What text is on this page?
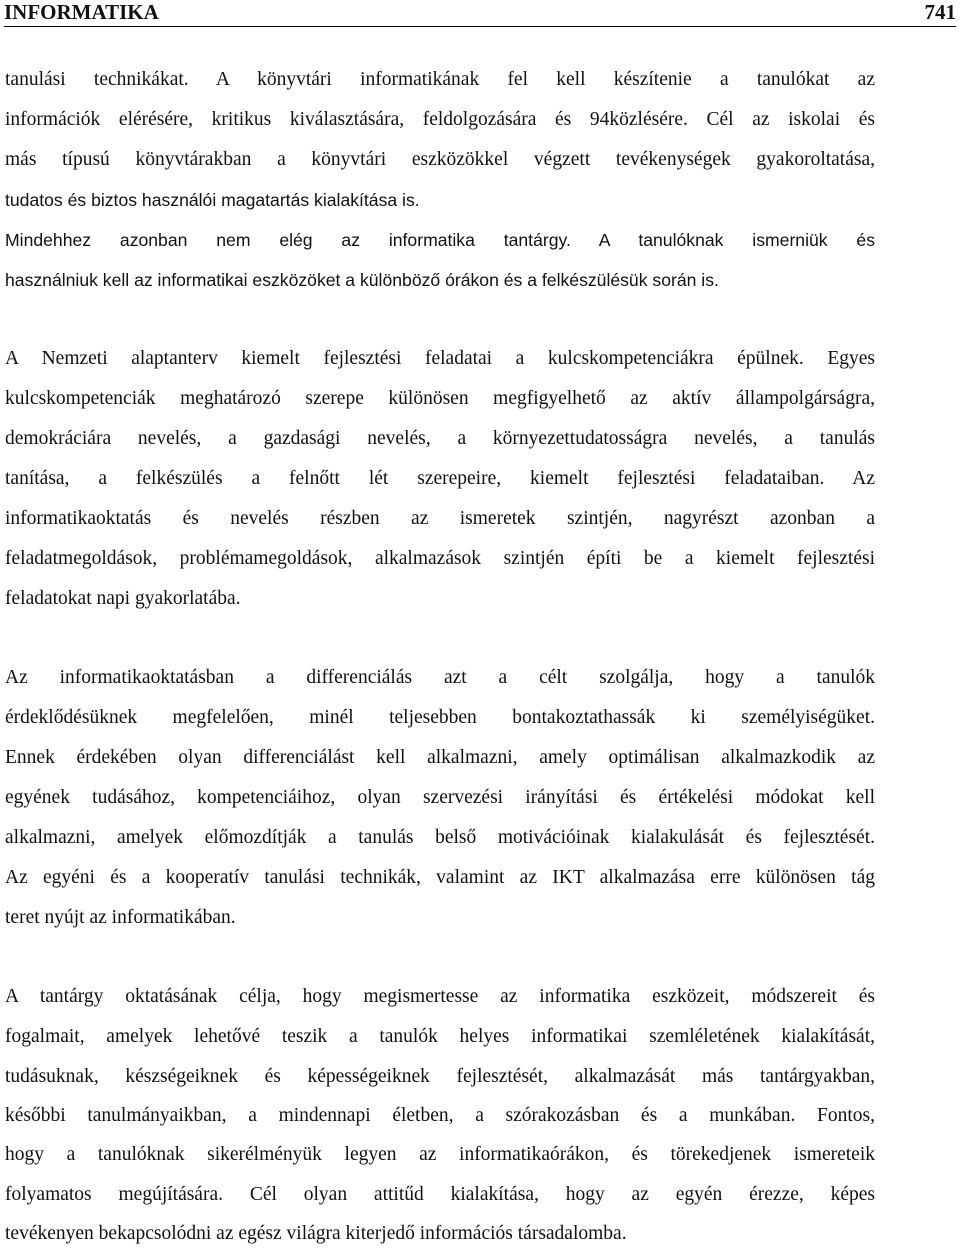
INFORMATIKA	741
tanulási technikákat. A könyvtári informatikának fel kell készítenie a tanulókat az
információk elérésére, kritikus kiválasztására, feldolgozására és 94közlésére. Cél az iskolai és
más típusú könyvtárakban a könyvtári eszközökkel végzett tevékenységek gyakoroltatása,
tudatos és biztos használói magatartás kialakítása is.
Mindehhez azonban nem elég az informatika tantárgy. A tanulóknak ismerniük és
használniuk kell az informatikai eszközöket a különböző órákon és a felkészülésük során is.
A Nemzeti alaptanterv kiemelt fejlesztési feladatai a kulcskompetenciákra épülnek. Egyes
kulcskompetenciák meghatározó szerepe különösen megfigyelhető az aktív állampolgárságra,
demokráciára nevelés, a gazdasági nevelés, a környezettudatosságra nevelés, a tanulás
tanítása, a felkészülés a felnőtt lét szerepeire, kiemelt fejlesztési feladataiban. Az
informatikaoktatás és nevelés részben az ismeretek szintjén, nagyrészt azonban a
feladatmegoldások, problémamegoldások, alkalmazások szintjén építi be a kiemelt fejlesztési
feladatokat napi gyakorlatába.
Az informatikaoktatásban a differenciálás azt a célt szolgálja, hogy a tanulók
érdeklődésüknek megfelelően, minél teljesebben bontakoztathassák ki személyiségüket.
Ennek érdekében olyan differenciálást kell alkalmazni, amely optimálisan alkalmazkodik az
egyének tudásához, kompetenciáihoz, olyan szervezési irányítási és értékelési módokat kell
alkalmazni, amelyek előmozdítják a tanulás belső motivációinak kialakulását és fejlesztését.
Az egyéni és a kooperatív tanulási technikák, valamint az IKT alkalmazása erre különösen tág
teret nyújt az informatikában.
A tantárgy oktatásának célja, hogy megismertesse az informatika eszközeit, módszereit és
fogalmait, amelyek lehetővé teszik a tanulók helyes informatikai szemléletének kialakítását,
tudásuknak, készségeiknek és képességeiknek fejlesztését, alkalmazását más tantárgyakban,
későbbi tanulmányaikban, a mindennapi életben, a szórakozásban és a munkában. Fontos,
hogy a tanulóknak sikerélményük legyen az informatikaórákon, és törekedjenek ismereteik
folyamatos megújítására. Cél olyan attitűd kialakítása, hogy az egyén érezze, képes
tevékenyen bekapcsolódni az egész világra kiterjedő információs társadalomba.
